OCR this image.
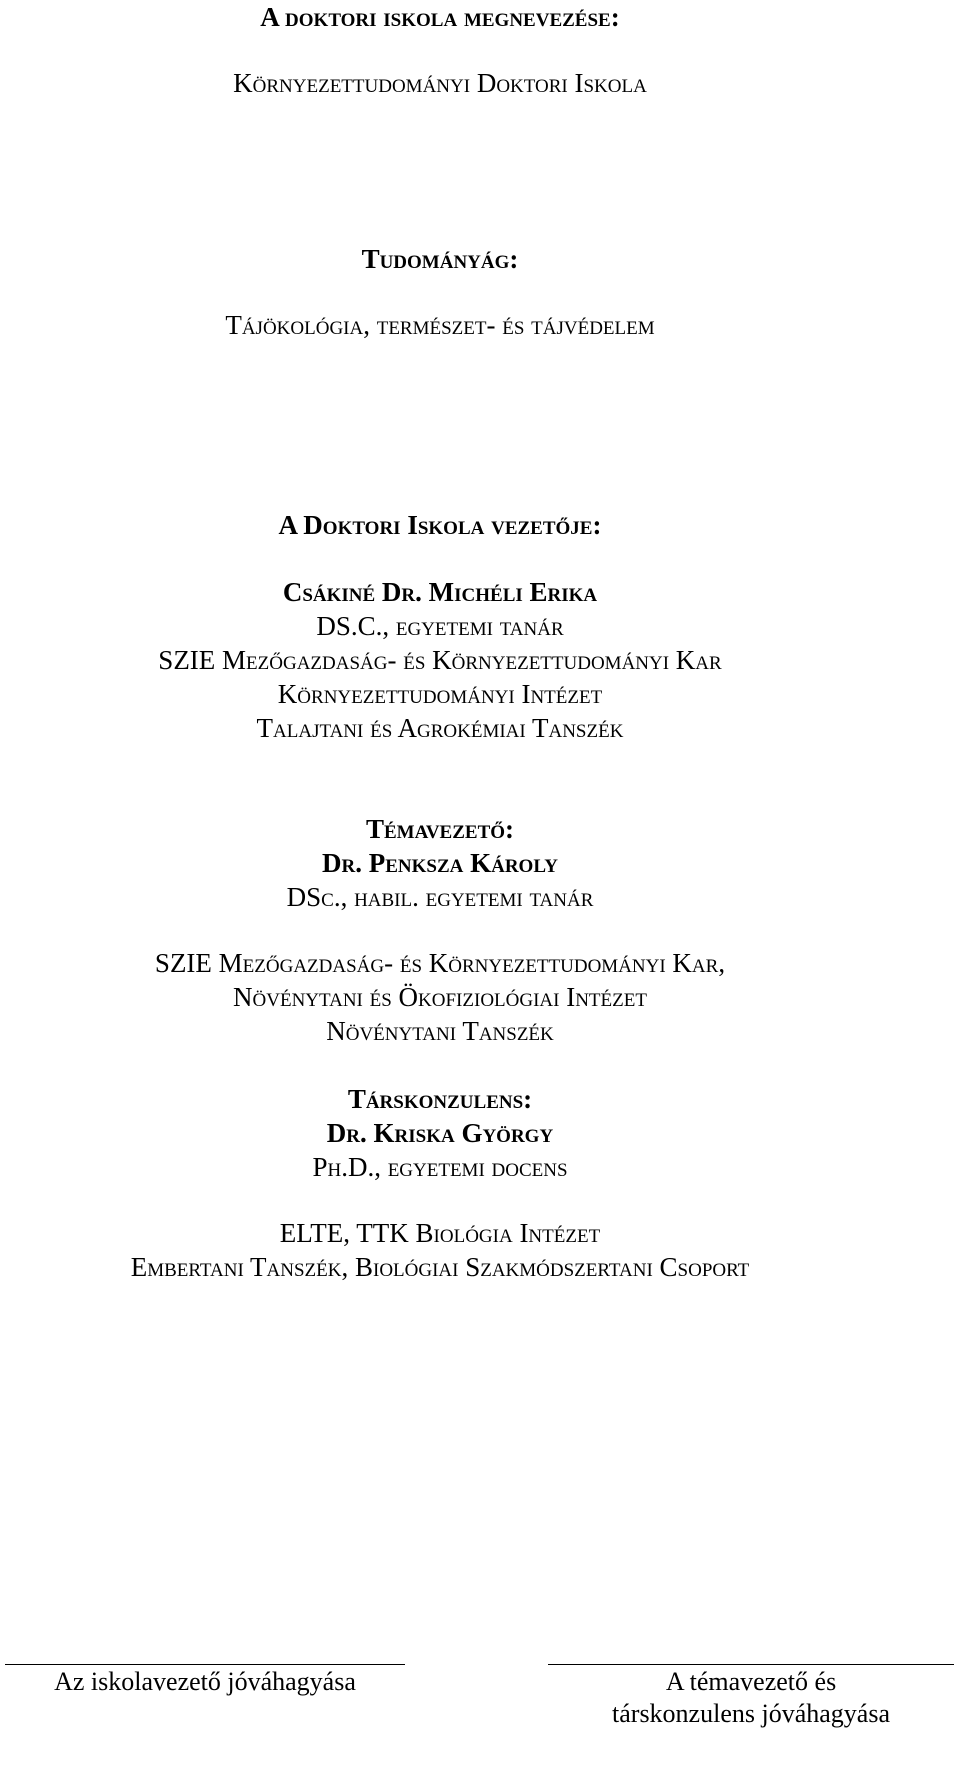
A doktori iskola megnevezése:
Környezettudományi Doktori Iskola
Tudományág:
Tájökológia, természet- és tájvédelem
A Doktori Iskola vezetője:
Csákiné Dr. Michéli Erika
DS.C., egyetemi tanár
SZIE Mezőgazdaság- és Környezettudományi Kar
Környezettudományi Intézet
Talajtani és Agrokémiai Tanszék
Témavezető:
Dr. Penksza Károly
DSc., habil. egyetemi tanár
SZIE Mezőgazdaság- és Környezettudományi Kar,
Növénytani és Ökofiziológiai Intézet
Növénytani Tanszék
Társkonzulens:
Dr. Kriska György
Ph.D., egyetemi docens
ELTE, TTK Biológia Intézet
Embertani Tanszék, Biológiai Szakmódszertani Csoport
Az iskolavezető jóváhagyása	A témavezető és
társkonzulens jóváhagyása
